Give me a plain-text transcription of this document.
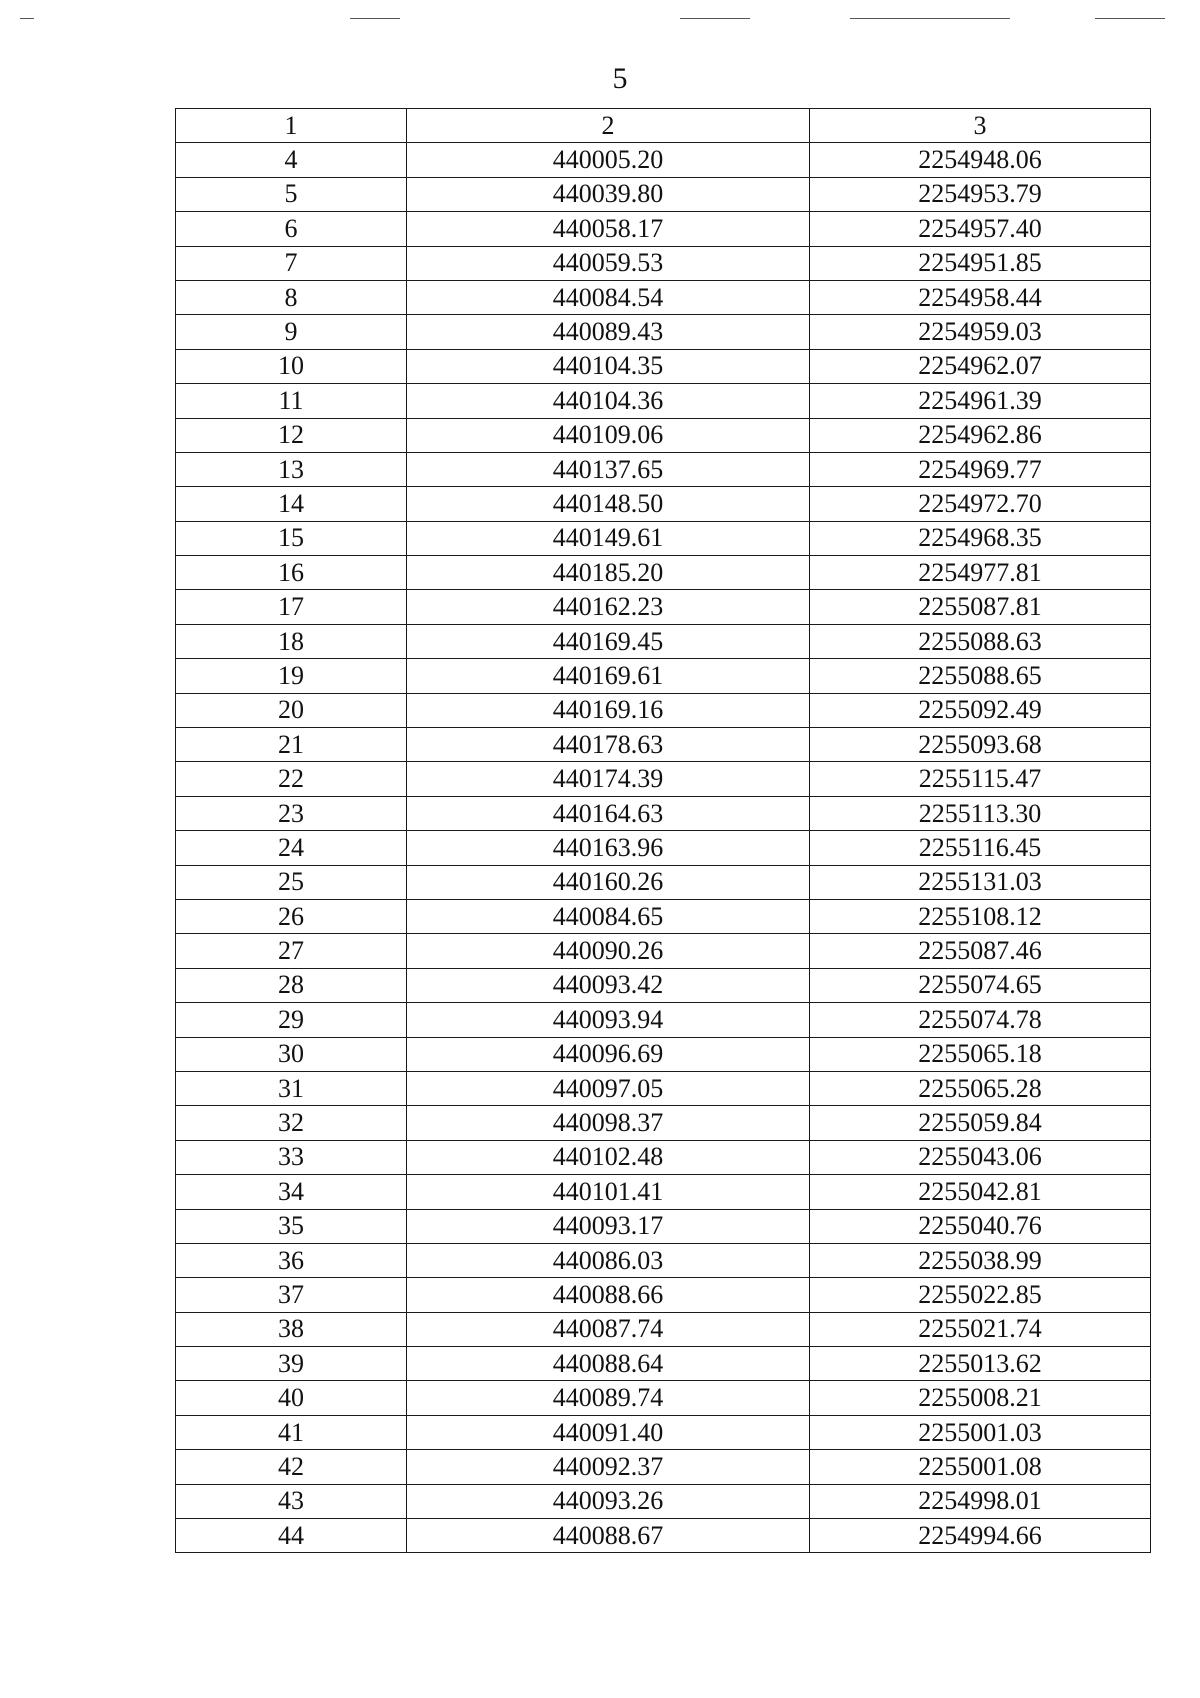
5
1	2	3
4	440005.20	2254948.06
5	440039.80	2254953.79
6	440058.17	2254957.40
7	440059.53	2254951.85
8	440084.54	2254958.44
9	440089.43	2254959.03
10	440104.35	2254962.07
11	440104.36	2254961.39
12	440109.06	2254962.86
13	440137.65	2254969.77
14	440148.50	2254972.70
15	440149.61	2254968.35
16	440185.20	2254977.81
17	440162.23	2255087.81
18	440169.45	2255088.63
19	440169.61	2255088.65
20	440169.16	2255092.49
21	440178.63	2255093.68
22	440174.39	2255115.47
23	440164.63	2255113.30
24	440163.96	2255116.45
25	440160.26	2255131.03
26	440084.65	2255108.12
27	440090.26	2255087.46
28	440093.42	2255074.65
29	440093.94	2255074.78
30	440096.69	2255065.18
31	440097.05	2255065.28
32	440098.37	2255059.84
33	440102.48	2255043.06
34	440101.41	2255042.81
35	440093.17	2255040.76
36	440086.03	2255038.99
37	440088.66	2255022.85
38	440087.74	2255021.74
39	440088.64	2255013.62
40	440089.74	2255008.21
41	440091.40	2255001.03
42	440092.37	2255001.08
43	440093.26	2254998.01
44	440088.67	2254994.66
